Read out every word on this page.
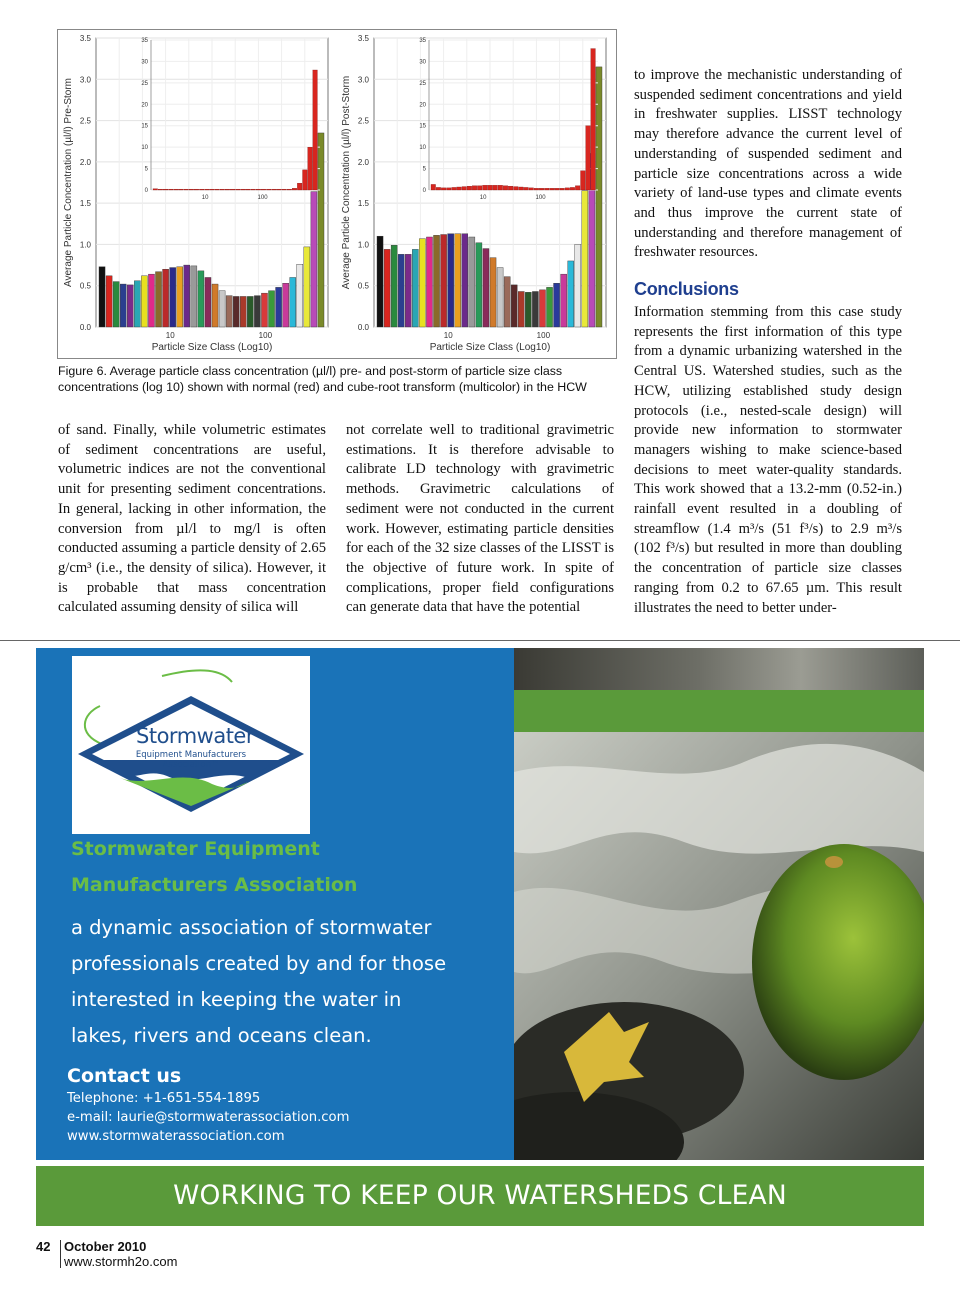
0.0
0.5
1.0
1.5
2.0
2.5
3.0
3.5
0
5
10
15
20
25
30
35
10	100
10	100
Particle Size Class (Log10)
Average Particle Concentration (µl/l) Pre-Storm
0.0
0.5
1.0
1.5
2.0
2.5
3.0
3.5
0
5
10
15
20
25
30
35
10	100
10	100
Particle Size Class (Log10)
Average Particle Concentration (µl/l) Post-Storm
Figure 6. Average particle class concentration (µl/l) pre- and post-storm of particle size class concentrations (log 10) shown with normal (red) and cube-root transform (multicolor) in the HCW

of sand. Finally, while volumetric estimates of sediment concentrations are useful, volumetric indices are not the conventional unit for presenting sediment concentrations. In general, lacking in other information, the conversion from µl/l to mg/l is often conducted assuming a particle density of 2.65 g/cm³ (i.e., the density of silica). However, it is probable that mass concentration calculated assuming density of silica will

not correlate well to traditional gravimetric estimations. It is therefore advisable to calibrate LD technology with gravimetric methods. Gravimetric calculations of sediment were not conducted in the current work. However, estimating particle densities for each of the 32 size classes of the LISST is the objective of future work. In spite of complications, proper field configurations can generate data that have the potential

to improve the mechanistic understanding of suspended sediment concentrations and yield in freshwater supplies. LISST technology may therefore advance the current level of understanding of suspended sediment and particle size concentrations across a wide variety of land-use types and climate events and thus improve the current state of understanding and therefore management of freshwater resources.

Conclusions

Information stemming from this case study represents the first information of this type from a dynamic urbanizing watershed in the Central US. Watershed studies, such as the HCW, utilizing established study design protocols (i.e., nested-scale design) will provide new information to stormwater managers wishing to make science-based decisions to meet water-quality standards. This work showed that a 13.2-mm (0.52-in.) rainfall event resulted in a doubling of streamflow (1.4 m³/s (51 f³/s) to 2.9 m³/s (102 f³/s) but resulted in more than doubling the concentration of particle size classes ranging from 0.2 to 67.65 µm. This result illustrates the need to better under-

Stormwater
Equipment Manufacturers
Association™
Stormwater Equipment
Manufacturers Association
a dynamic association of stormwater
professionals created by and for those
interested in keeping the water in
lakes, rivers and oceans clean.
Contact us
Telephone: +1-651-554-1895
e-mail: laurie@stormwaterassociation.com
www.stormwaterassociation.com
WORKING TO KEEP OUR WATERSHEDS CLEAN
42 October 2010
www.stormh2o.com
